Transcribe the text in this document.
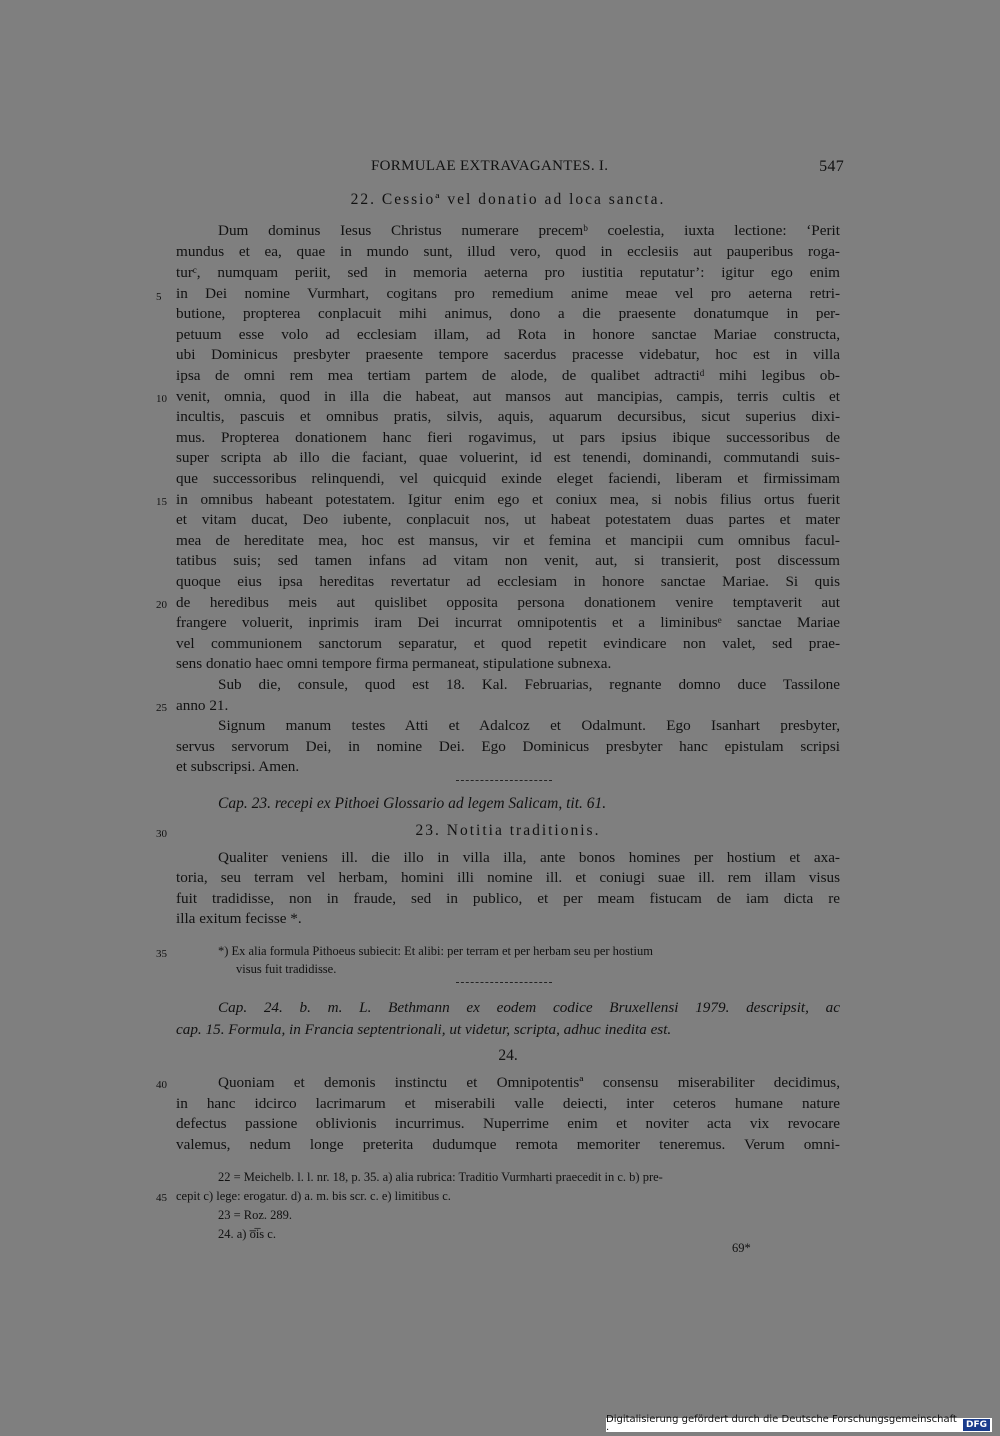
FORMULAE EXTRAVAGANTES. I.	547
22. Cessioª vel donatio ad loca sancta.
Dum dominus Iesus Christus numerare precemᵇ coelestia, iuxta lectione: ‘Perit
mundus et ea, quae in mundo sunt, illud vero, quod in ecclesiis aut pauperibus roga-
turᶜ, numquam periit, sed in memoria aeterna pro iustitia reputatur’: igitur ego enim
in Dei nomine Vurmhart, cogitans pro remedium anime meae vel pro aeterna retri-
butione, propterea conplacuit mihi animus, dono a die praesente donatumque in per-
petuum esse volo ad ecclesiam illam, ad Rota in honore sanctae Mariae constructa,
ubi Dominicus presbyter praesente tempore sacerdus pracesse videbatur, hoc est in villa
ipsa de omni rem mea tertiam partem de alode, de qualibet adtractiᵈ mihi legibus ob-
venit, omnia, quod in illa die habeat, aut mansos aut mancipias, campis, terris cultis et
incultis, pascuis et omnibus pratis, silvis, aquis, aquarum decursibus, sicut superius dixi-
mus. Propterea donationem hanc fieri rogavimus, ut pars ipsius ibique successoribus de
super scripta ab illo die faciant, quae voluerint, id est tenendi, dominandi, commutandi suis-
que successoribus relinquendi, vel quicquid exinde eleget faciendi, liberam et firmissimam
in omnibus habeant potestatem. Igitur enim ego et coniux mea, si nobis filius ortus fuerit
et vitam ducat, Deo iubente, conplacuit nos, ut habeat potestatem duas partes et mater
mea de hereditate mea, hoc est mansus, vir et femina et mancipii cum omnibus facul-
tatibus suis; sed tamen infans ad vitam non venit, aut, si transierit, post discessum
quoque eius ipsa hereditas revertatur ad ecclesiam in honore sanctae Mariae. Si quis
de heredibus meis aut quislibet opposita persona donationem venire temptaverit aut
frangere voluerit, inprimis iram Dei incurrat omnipotentis et a liminibusᵉ sanctae Mariae
vel communionem sanctorum separatur, et quod repetit evindicare non valet, sed prae-
sens donatio haec omni tempore firma permaneat, stipulatione subnexa.
Sub die, consule, quod est 18. Kal. Februarias, regnante domno duce Tassilone
anno 21.
Signum manum testes Atti et Adalcoz et Odalmunt. Ego Isanhart presbyter,
servus servorum Dei, in nomine Dei. Ego Dominicus presbyter hanc epistulam scripsi
et subscripsi. Amen.
Cap. 23. recepi ex Pithoei Glossario ad legem Salicam, tit. 61.
23. Notitia traditionis.
Qualiter veniens ill. die illo in villa illa, ante bonos homines per hostium et axa-
toria, seu terram vel herbam, homini illi nomine ill. et coniugi suae ill. rem illam visus
fuit tradidisse, non in fraude, sed in publico, et per meam fistucam de iam dicta re
illa exitum fecisse *.
*) Ex alia formula Pithoeus subiecit: Et alibi: per terram et per herbam seu per hostium
visus fuit tradidisse.
Cap. 24. b. m. L. Bethmann ex eodem codice Bruxellensi 1979. descripsit, ac
cap. 15. Formula, in Francia septentrionali, ut videtur, scripta, adhuc inedita est.
24.
Quoniam et demonis instinctu et Omnipotentisª consensu miserabiliter decidimus,
in hanc idcirco lacrimarum et miserabili valle deiecti, inter ceteros humane nature
defectus passione oblivionis incurrimus. Nuperrime enim et noviter acta vix revocare
valemus, nedum longe preterita dudumque remota memoriter teneremus. Verum omni-
22 = Meichelb. l. l. nr. 18, p. 35. a) alia rubrica: Traditio Vurmharti praecedit in c. b) pre-
cepit c) lege: erogatur. d) a. m. bis scr. c. e) limitibus c.
23 = Roz. 289.
24. a) o̅̅i̅s c.
69*
5
10
15
20
25
30
35
40
45
Digitalisierung gefördert durch die Deutsche Forschungsgemeinschaft ·	DFG
